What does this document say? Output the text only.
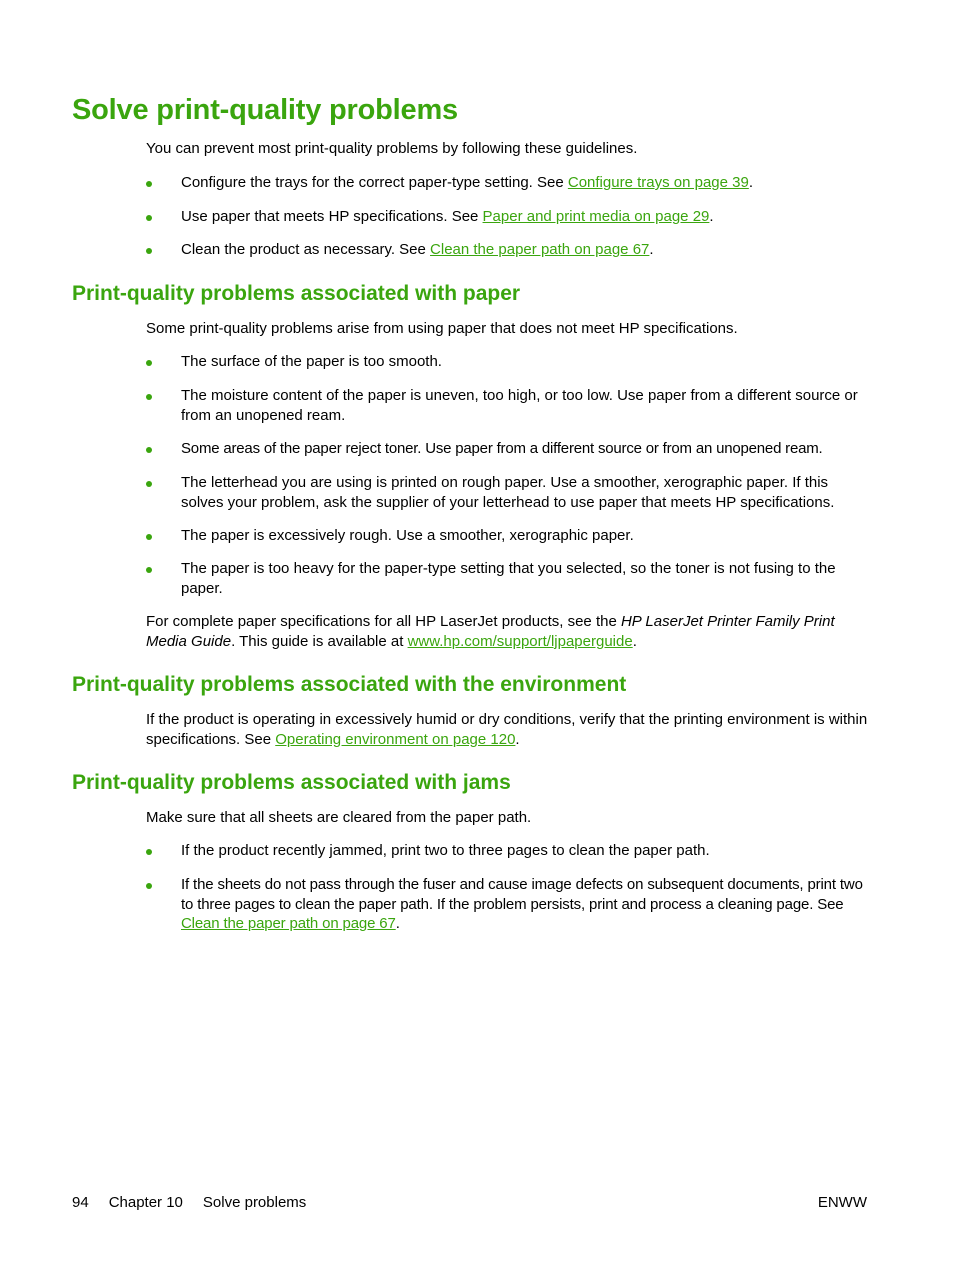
Solve print-quality problems

You can prevent most print-quality problems by following these guidelines.

Configure the trays for the correct paper-type setting. See Configure trays on page 39.
Use paper that meets HP specifications. See Paper and print media on page 29.
Clean the product as necessary. See Clean the paper path on page 67.
Print-quality problems associated with paper

Some print-quality problems arise from using paper that does not meet HP specifications.

The surface of the paper is too smooth.
The moisture content of the paper is uneven, too high, or too low. Use paper from a different source or from an unopened ream.
Some areas of the paper reject toner. Use paper from a different source or from an unopened ream.
The letterhead you are using is printed on rough paper. Use a smoother, xerographic paper. If this solves your problem, ask the supplier of your letterhead to use paper that meets HP specifications.
The paper is excessively rough. Use a smoother, xerographic paper.
The paper is too heavy for the paper-type setting that you selected, so the toner is not fusing to the paper.

For complete paper specifications for all HP LaserJet products, see the HP LaserJet Printer Family Print Media Guide. This guide is available at www.hp.com/support/ljpaperguide.

Print-quality problems associated with the environment

If the product is operating in excessively humid or dry conditions, verify that the printing environment is within specifications. See Operating environment on page 120.

Print-quality problems associated with jams

Make sure that all sheets are cleared from the paper path.

If the product recently jammed, print two to three pages to clean the paper path.
If the sheets do not pass through the fuser and cause image defects on subsequent documents, print two to three pages to clean the paper path. If the problem persists, print and process a cleaning page. See Clean the paper path on page 67.
94 Chapter 10 Solve problems	ENWW
